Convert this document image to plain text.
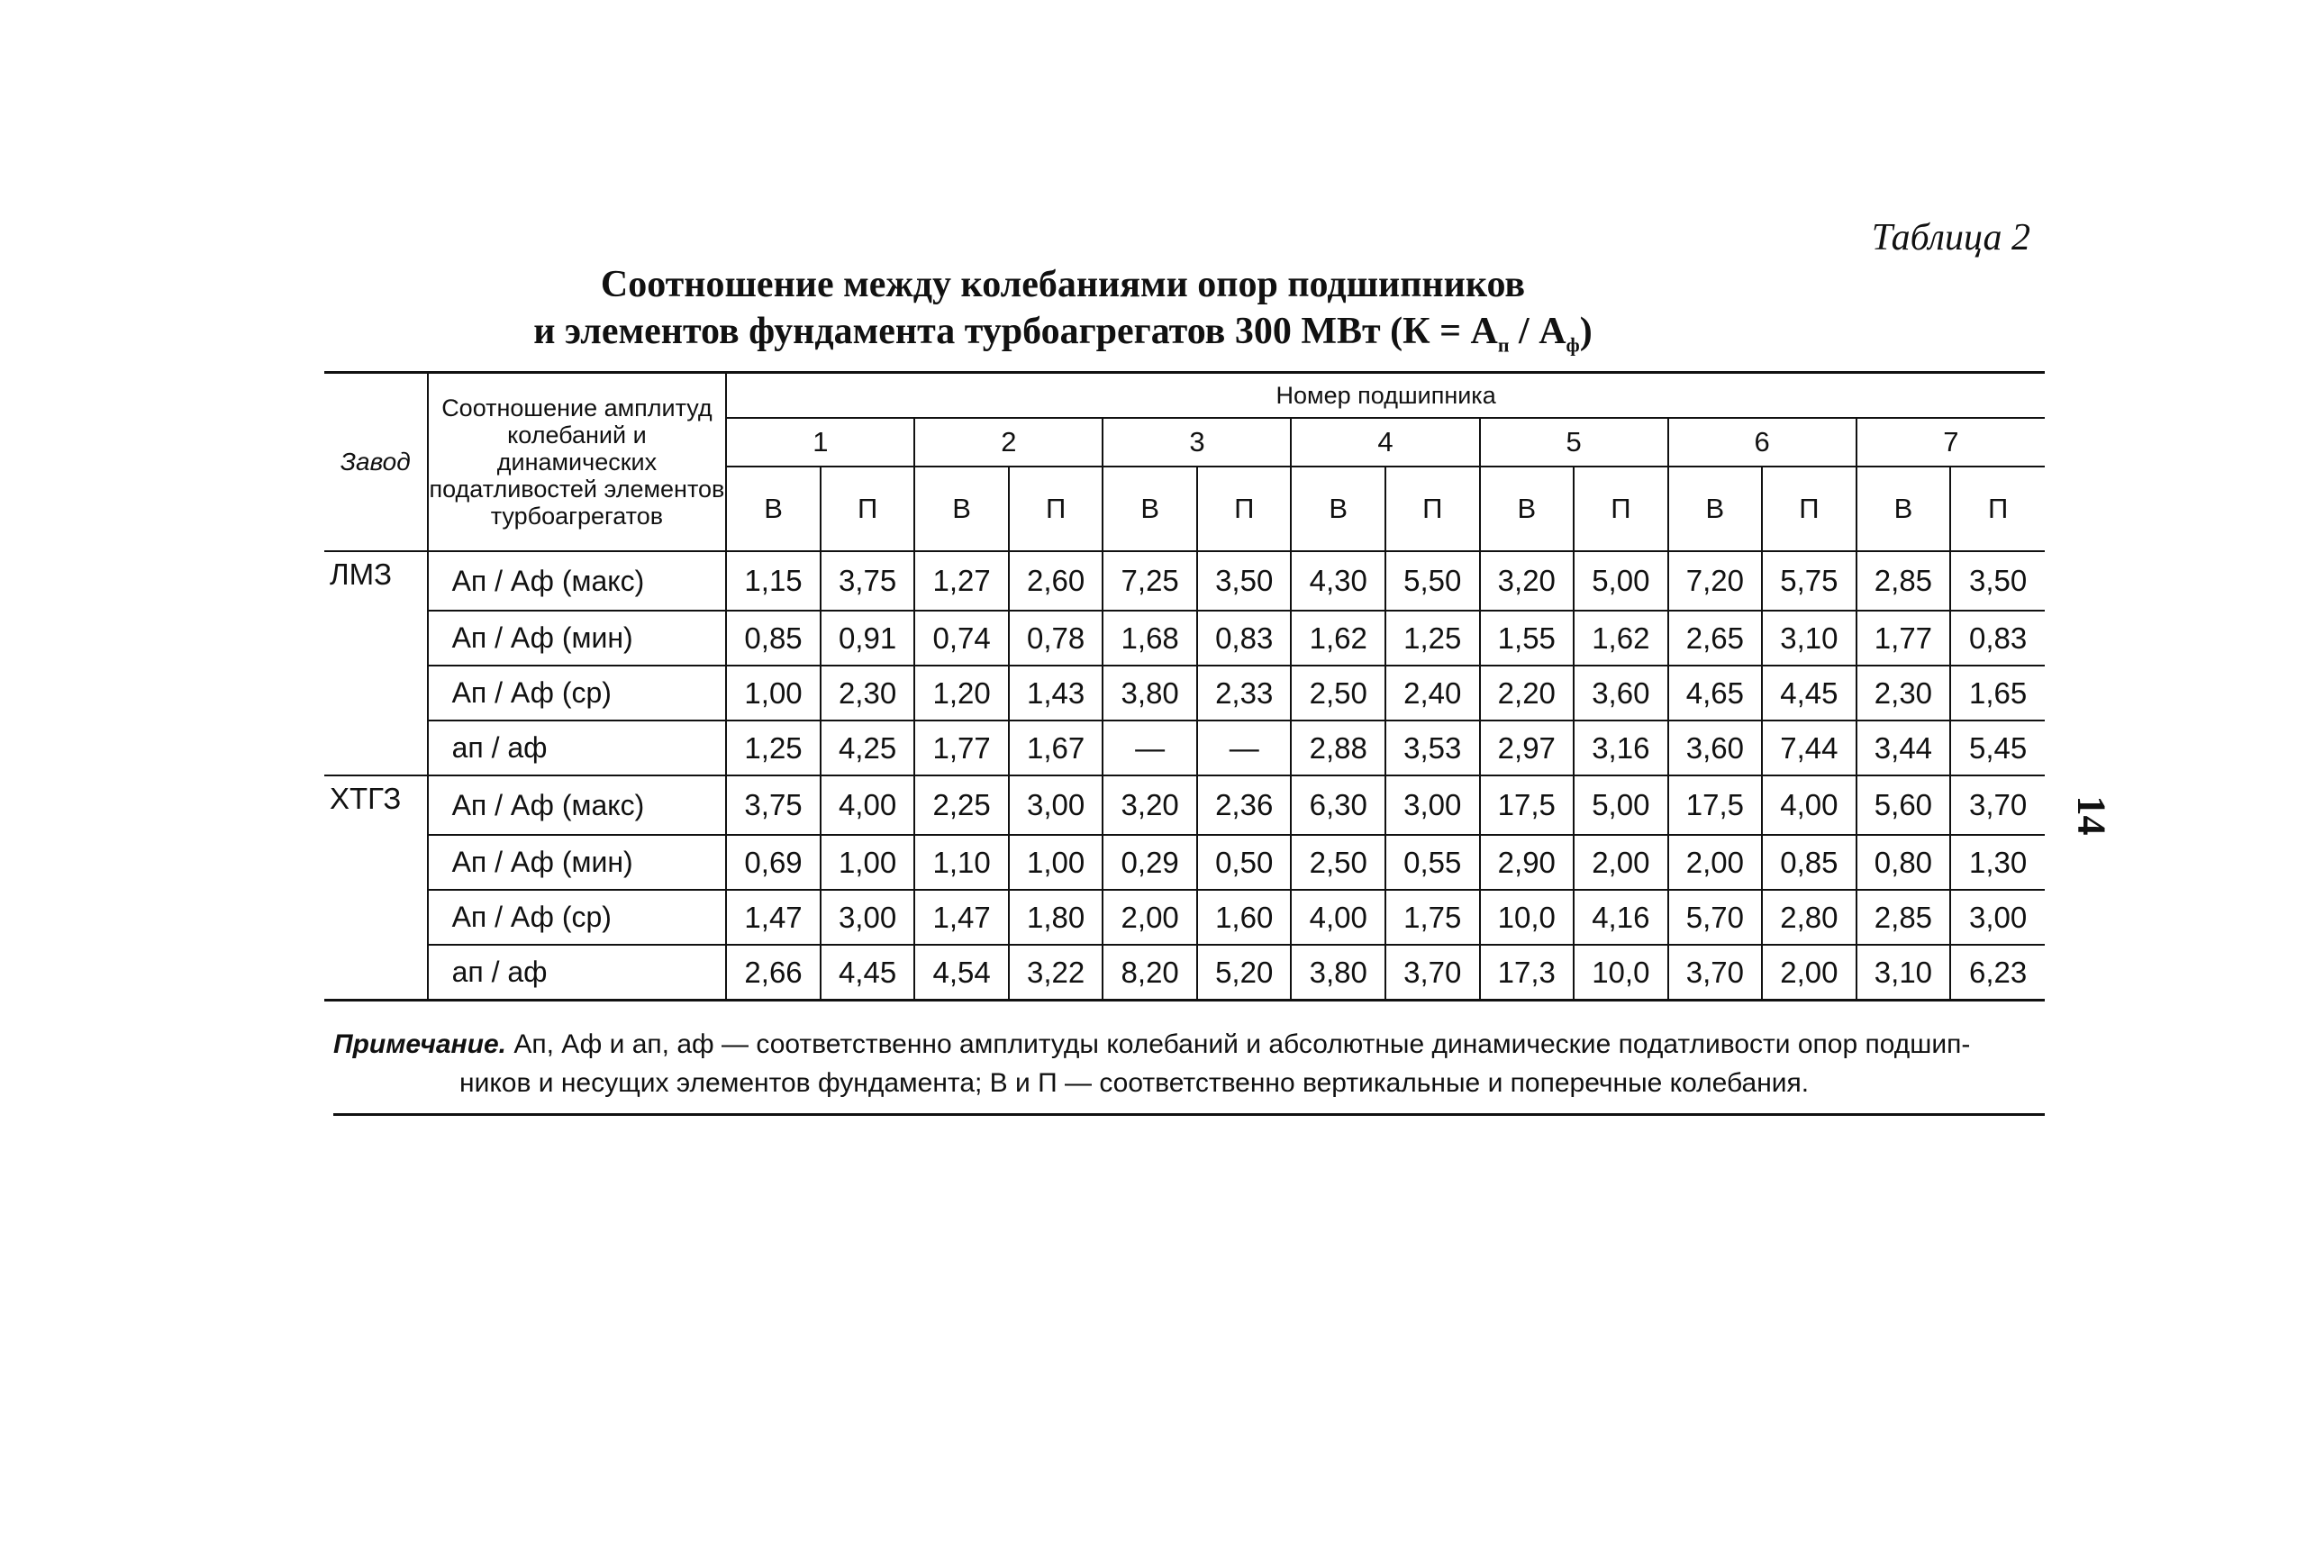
Таблица 2
Соотношение между колебаниями опор подшипников
и элементов фундамента турбоагрегатов 300 МВт $(К = А_п / А_ф)$
14
Завод	Соотношение амплитуд колебаний и динамических податливостей элементов турбоагрегатов	Номер подшипника													
		1		2		3		4		5		6		7	
		В	П	В	П	В	П	В	П	В	П	В	П	В	П
ЛМЗ	Ап / Аф (макс)	1,15	3,75	1,27	2,60	7,25	3,50	4,30	5,50	3,20	5,00	7,20	5,75	2,85	3,50
	Ап / Аф (мин)	0,85	0,91	0,74	0,78	1,68	0,83	1,62	1,25	1,55	1,62	2,65	3,10	1,77	0,83
	Ап / Аф (ср)	1,00	2,30	1,20	1,43	3,80	2,33	2,50	2,40	2,20	3,60	4,65	4,45	2,30	1,65
	ап / аф	1,25	4,25	1,77	1,67	—	—	2,88	3,53	2,97	3,16	3,60	7,44	3,44	5,45
ХТГЗ	Ап / Аф (макс)	3,75	4,00	2,25	3,00	3,20	2,36	6,30	3,00	17,5	5,00	17,5	4,00	5,60	3,70
	Ап / Аф (мин)	0,69	1,00	1,10	1,00	0,29	0,50	2,50	0,55	2,90	2,00	2,00	0,85	0,80	1,30
	Ап / Аф (ср)	1,47	3,00	1,47	1,80	2,00	1,60	4,00	1,75	10,0	4,16	5,70	2,80	2,85	3,00
	ап / аф	2,66	4,45	4,54	3,22	8,20	5,20	3,80	3,70	17,3	10,0	3,70	2,00	3,10	6,23
Примечание. Ап, Аф и ап, аф — соответственно амплитуды колебаний и абсолютные динамические податливости опор подшип-
ников и несущих элементов фундамента; В и П — соответственно вертикальные и поперечные колебания.
